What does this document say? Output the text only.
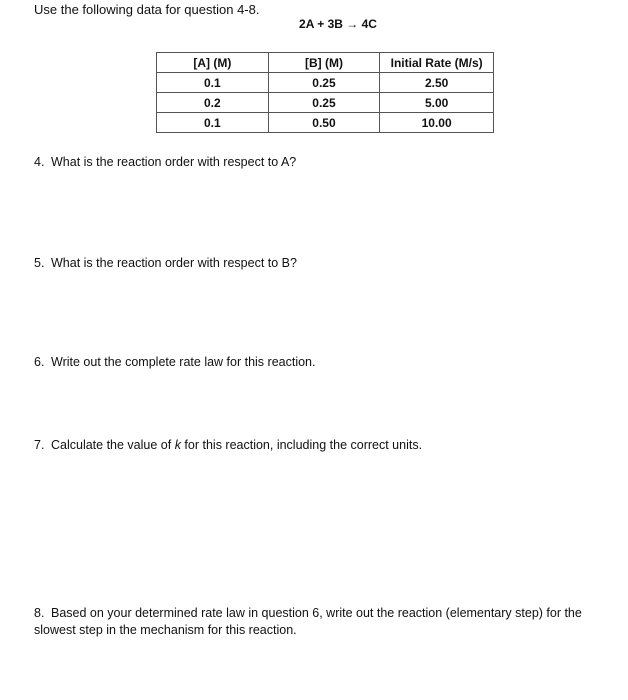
Use the following data for question 4-8.
2A + 3B → 4C
[A] (M)	[B] (M)	Initial Rate (M/s)
0.1	0.25	2.50
0.2	0.25	5.00
0.1	0.50	10.00
4. What is the reaction order with respect to A?
5. What is the reaction order with respect to B?
6. Write out the complete rate law for this reaction.
7. Calculate the value of k for this reaction, including the correct units.
8. Based on your determined rate law in question 6, write out the reaction (elementary step) for the slowest step in the mechanism for this reaction.
